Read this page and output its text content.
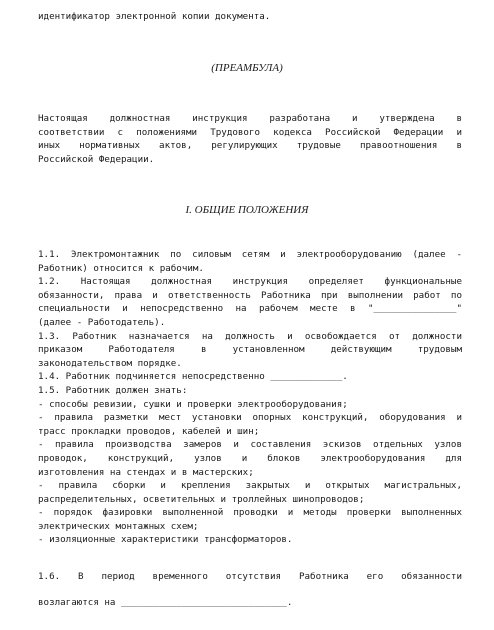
идентификатор электронной копии документа.
(ПРЕАМБУЛА)
Настоящая должностная инструкция разработана и утверждена в
соответствии с положениями Трудового кодекса Российской Федерации и
иных нормативных актов, регулирующих трудовые правоотношения в
Российской Федерации.
I. ОБЩИЕ ПОЛОЖЕНИЯ
1.1. Электромонтажник по силовым сетям и электрооборудованию (далее -
Работник) относится к рабочим.
1.2. Настоящая должностная инструкция определяет функциональные
обязанности, права и ответственность Работника при выполнении работ по
специальности и непосредственно на рабочем месте в "_______________"
(далее - Работодатель).
1.3. Работник назначается на должность и освобождается от должности
приказом Работодателя в установленном действующим трудовым
законодательством порядке.
1.4. Работник подчиняется непосредственно _____________.
1.5. Работник должен знать:
- способы ревизии, сушки и проверки электрооборудования;
- правила разметки мест установки опорных конструкций, оборудования и
трасс прокладки проводов, кабелей и шин;
- правила производства замеров и составления эскизов отдельных узлов
проводок, конструкций, узлов и блоков электрооборудования для
изготовления на стендах и в мастерских;
- правила сборки и крепления закрытых и открытых магистральных,
распределительных, осветительных и троллейных шинопроводов;
- порядок фазировки выполненной проводки и методы проверки выполненных
электрических монтажных схем;
- изоляционные характеристики трансформаторов.
1.6. В период временного отсутствия Работника его обязанности
возлагаются на ______________________________.
